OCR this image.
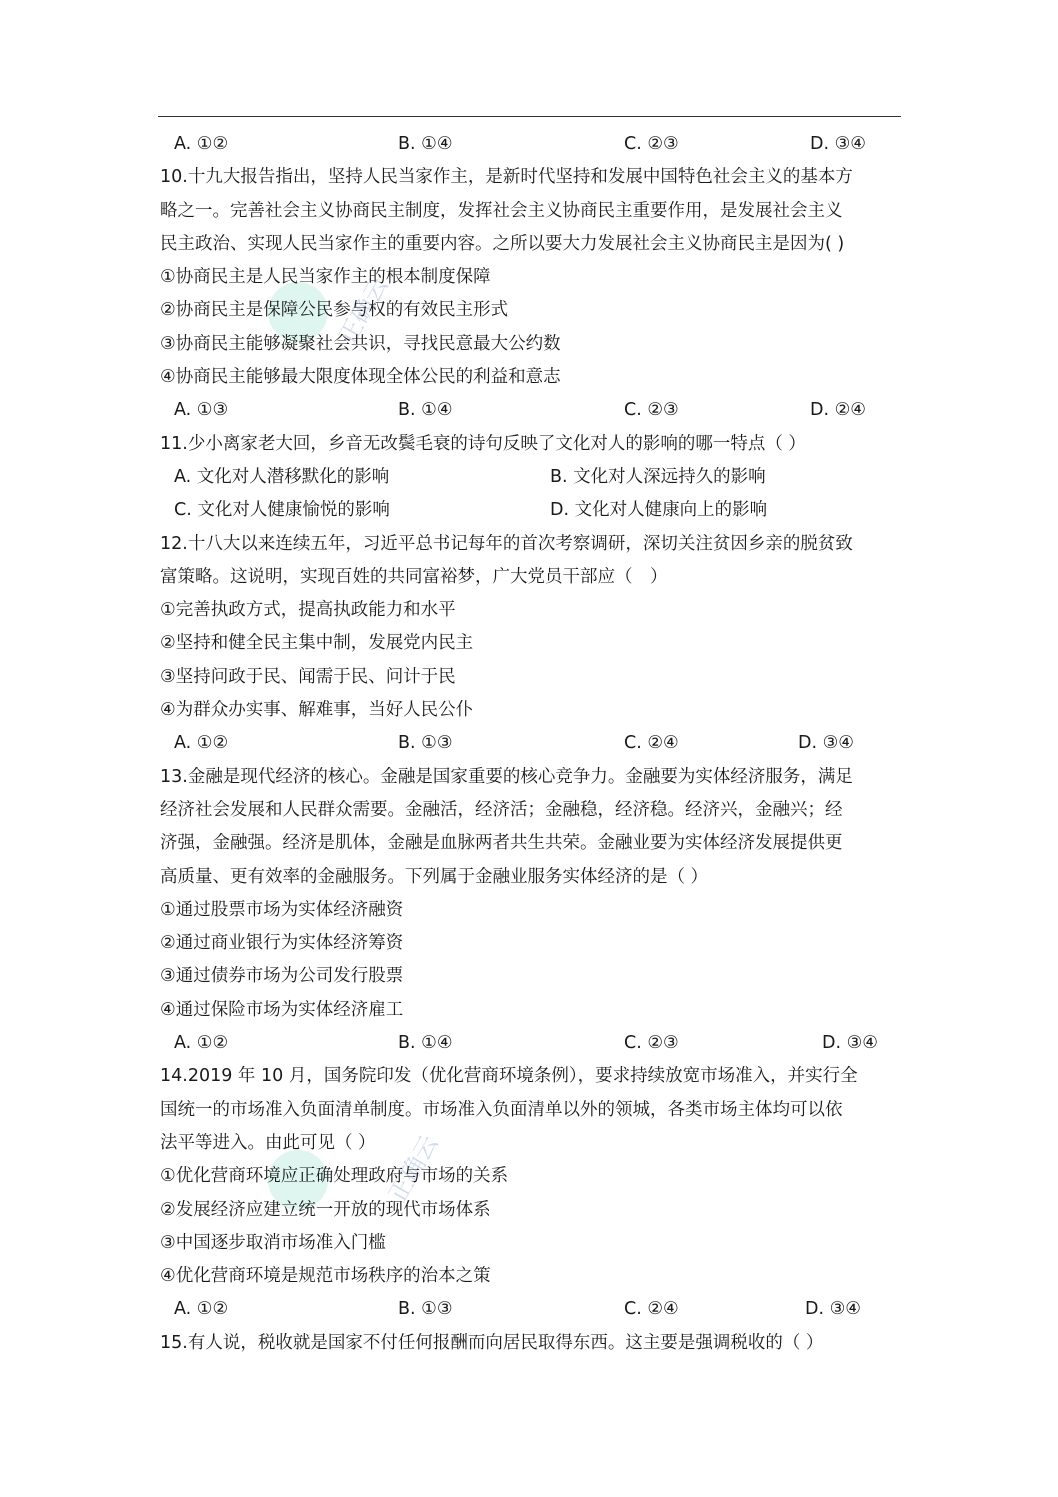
正确云
正确云
A. ①②	B. ①④	C. ②③	D. ③④
10.十九大报告指出，坚持人民当家作主，是新时代坚持和发展中国特色社会主义的基本方
略之一。完善社会主义协商民主制度，发挥社会主义协商民主重要作用，是发展社会主义
民主政治、实现人民当家作主的重要内容。之所以要大力发展社会主义协商民主是因为( )
①协商民主是人民当家作主的根本制度保障
②协商民主是保障公民参与权的有效民主形式
③协商民主能够凝聚社会共识，寻找民意最大公约数
④协商民主能够最大限度体现全体公民的利益和意志
A. ①③	B. ①④	C. ②③	D. ②④
11.少小离家老大回，乡音无改鬓毛衰的诗句反映了文化对人的影响的哪一特点（ ）
A. 文化对人潜移默化的影响	B. 文化对人深远持久的影响
C. 文化对人健康愉悦的影响	D. 文化对人健康向上的影响
12.十八大以来连续五年，习近平总书记每年的首次考察调研，深切关注贫因乡亲的脱贫致
富策略。这说明，实现百姓的共同富裕梦，广大党员干部应（　）
①完善执政方式，提高执政能力和水平
②坚持和健全民主集中制，发展党内民主
③坚持问政于民、闻需于民、问计于民
④为群众办实事、解难事，当好人民公仆
A. ①②	B. ①③	C. ②④	D. ③④
13.金融是现代经济的核心。金融是国家重要的核心竞争力。金融要为实体经济服务，满足
经济社会发展和人民群众需要。金融活，经济活；金融稳，经济稳。经济兴，金融兴；经
济强，金融强。经济是肌体，金融是血脉两者共生共荣。金融业要为实体经济发展提供更
高质量、更有效率的金融服务。下列属于金融业服务实体经济的是（ ）
①通过股票市场为实体经济融资
②通过商业银行为实体经济筹资
③通过债券市场为公司发行股票
④通过保险市场为实体经济雇工
A. ①②	B. ①④	C. ②③	D. ③④
14.2019 年 10 月，国务院印发（优化营商环境条例），要求持续放宽市场准入，并实行全
国统一的市场准入负面清单制度。市场准入负面清单以外的领城，各类市场主体均可以依
法平等进入。由此可见（ ）
①优化营商环境应正确处理政府与市场的关系
②发展经济应建立统一开放的现代市场体系
③中国逐步取消市场准入门槛
④优化营商环境是规范市场秩序的治本之策
A. ①②	B. ①③	C. ②④	D. ③④
15.有人说，税收就是国家不付任何报酬而向居民取得东西。这主要是强调税收的（ ）
